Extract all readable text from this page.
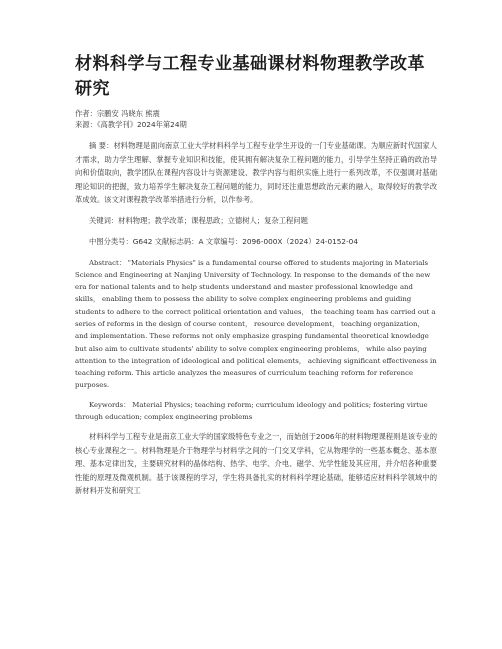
材料科学与工程专业基础课材料物理教学改革研究
作者：宗鹏安 冯晓东 熊震
来源：《高教学刊》2024年第24期
摘 要：材料物理是面向南京工业大学材料科学与工程专业学生开设的一门专业基础课。为顺应新时代国家人才需求，助力学生理解、掌握专业知识和技能，使其拥有解决复杂工程问题的能力，引导学生坚持正确的政治导向和价值取向，教学团队在课程内容设计与资源建设、教学内容与组织实施上进行一系列改革，不仅强调对基础理论知识的把握，致力培养学生解决复杂工程问题的能力，同时还注重思想政治元素的融入，取得较好的教学改革成效。该文对课程教学改革举措进行分析，以作参考。
关键词：材料物理；教学改革；课程思政；立德树人；复杂工程问题
中图分类号：G642 文献标志码：A 文章编号：2096-000X（2024）24-0152-04
Abstract： "Materials Physics" is a fundamental course offered to students majoring in Materials Science and Engineering at Nanjing University of Technology. In response to the demands of the new era for national talents and to help students understand and master professional knowledge and skills， enabling them to possess the ability to solve complex engineering problems and guiding students to adhere to the correct political orientation and values， the teaching team has carried out a series of reforms in the design of course content， resource development， teaching organization， and implementation. These reforms not only emphasize grasping fundamental theoretical knowledge but also aim to cultivate students' ability to solve complex engineering problems， while also paying attention to the integration of ideological and political elements， achieving significant effectiveness in teaching reform. This article analyzes the measures of curriculum teaching reform for reference purposes.
Keywords： Material Physics; teaching reform; curriculum ideology and politics; fostering virtue through education; complex engineering problems
材料科学与工程专业是南京工业大学的国家级特色专业之一，而始创于2006年的材料物理课程则是该专业的核心专业课程之一。材料物理是介于物理学与材料学之间的一门交叉学科，它从物理学的一些基本概念、基本原理、基本定律出发，主要研究材料的晶体结构、热学、电学、介电、磁学、光学性能及其应用，并介绍各种重要性能的原理及微观机制。基于该课程的学习，学生将具备扎实的材料科学理论基础，能够适应材料科学领域中的新材料开发和研究工
